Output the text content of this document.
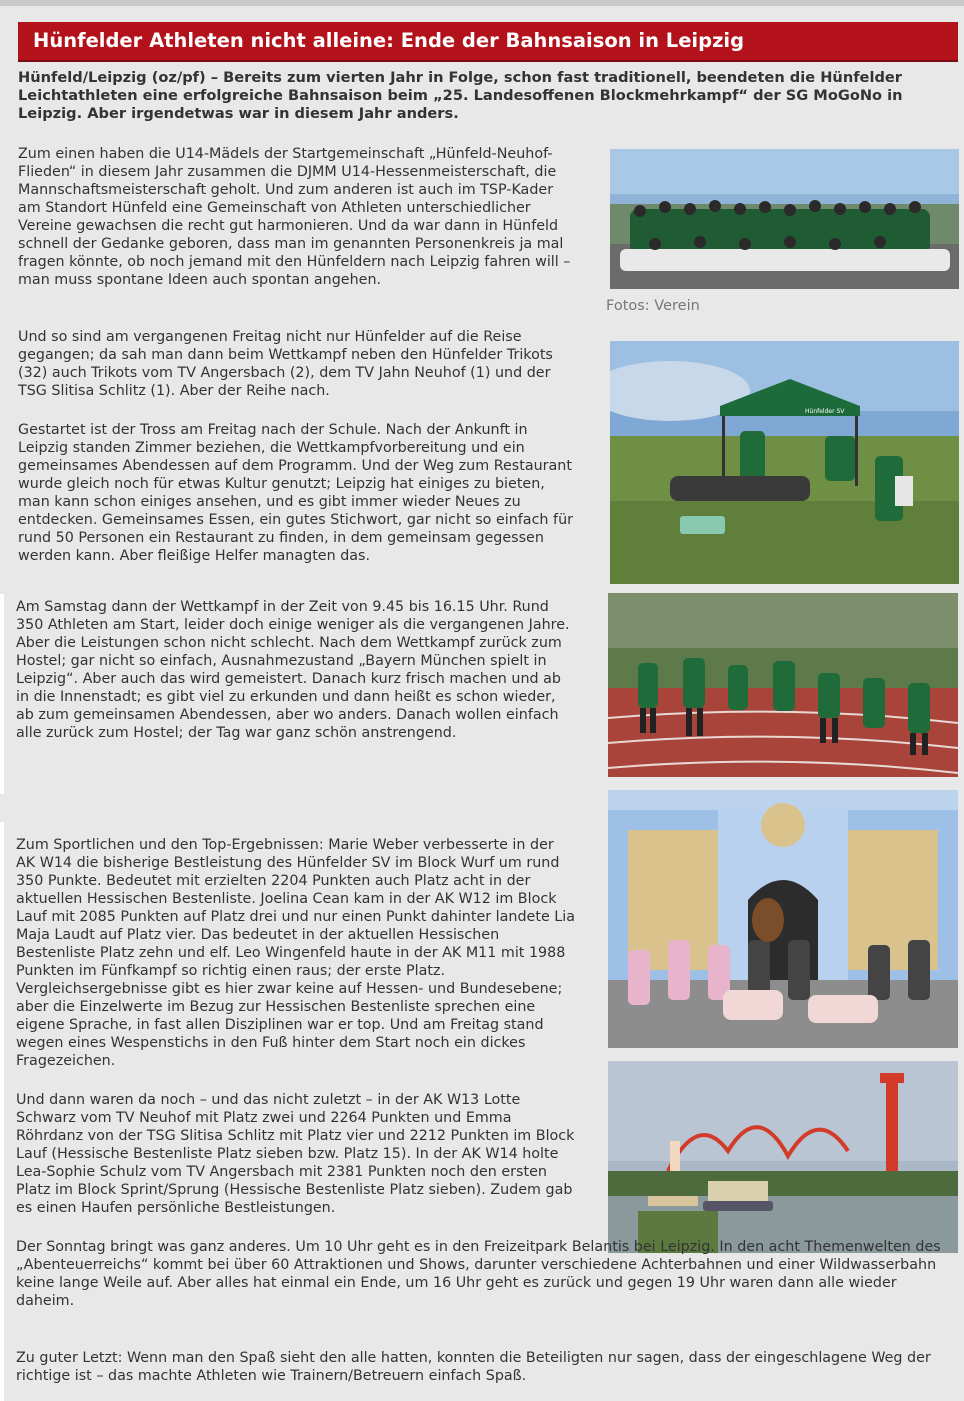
Hünfelder Athleten nicht alleine: Ende der Bahnsaison in Leipzig

Hünfeld/Leipzig (oz/pf) – Bereits zum vierten Jahr in Folge, schon fast traditionell, beendeten die Hünfelder Leichtathleten eine erfolgreiche Bahnsaison beim „25. Landesoffenen Blockmehrkampf“ der SG MoGoNo in Leipzig. Aber irgendetwas war in diesem Jahr anders.

Zum einen haben die U14-Mädels der Startgemeinschaft „Hünfeld-Neuhof-Flieden“ in diesem Jahr zusammen die DJMM U14-Hessenmeisterschaft, die Mannschaftsmeisterschaft geholt. Und zum anderen ist auch im TSP-Kader am Standort Hünfeld eine Gemeinschaft von Athleten unterschiedlicher Vereine gewachsen die recht gut harmonieren. Und da war dann in Hünfeld schnell der Gedanke geboren, dass man im genannten Personenkreis ja mal fragen könnte, ob noch jemand mit den Hünfeldern nach Leipzig fahren will – man muss spontane Ideen auch spontan angehen.

Fotos: Verein

Und so sind am vergangenen Freitag nicht nur Hünfelder auf die Reise gegangen; da sah man dann beim Wettkampf neben den Hünfelder Trikots (32) auch Trikots vom TV Angersbach (2), dem TV Jahn Neuhof (1) und der TSG Slitisa Schlitz (1). Aber der Reihe nach.

Hünfelder SV

Gestartet ist der Tross am Freitag nach der Schule. Nach der Ankunft in Leipzig standen Zimmer beziehen, die Wettkampfvorbereitung und ein gemeinsames Abendessen auf dem Programm. Und der Weg zum Restaurant wurde gleich noch für etwas Kultur genutzt; Leipzig hat einiges zu bieten, man kann schon einiges ansehen, und es gibt immer wieder Neues zu entdecken. Gemeinsames Essen, ein gutes Stichwort, gar nicht so einfach für rund 50 Personen ein Restaurant zu finden, in dem gemeinsam gegessen werden kann. Aber fleißige Helfer managten das.

Am Samstag dann der Wettkampf in der Zeit von 9.45 bis 16.15 Uhr. Rund 350 Athleten am Start, leider doch einige weniger als die vergangenen Jahre. Aber die Leistungen schon nicht schlecht. Nach dem Wettkampf zurück zum Hostel; gar nicht so einfach, Ausnahmezustand „Bayern München spielt in Leipzig“. Aber auch das wird gemeistert. Danach kurz frisch machen und ab in die Innenstadt; es gibt viel zu erkunden und dann heißt es schon wieder, ab zum gemeinsamen Abendessen, aber wo anders. Danach wollen einfach alle zurück zum Hostel; der Tag war ganz schön anstrengend.

Zum Sportlichen und den Top-Ergebnissen: Marie Weber verbesserte in der AK W14 die bisherige Bestleistung des Hünfelder SV im Block Wurf um rund 350 Punkte. Bedeutet mit erzielten 2204 Punkten auch Platz acht in der aktuellen Hessischen Bestenliste. Joelina Cean kam in der AK W12 im Block Lauf mit 2085 Punkten auf Platz drei und nur einen Punkt dahinter landete Lia Maja Laudt auf Platz vier. Das bedeutet in der aktuellen Hessischen Bestenliste Platz zehn und elf. Leo Wingenfeld haute in der AK M11 mit 1988 Punkten im Fünfkampf so richtig einen raus; der erste Platz. Vergleichsergebnisse gibt es hier zwar keine auf Hessen- und Bundesebene; aber die Einzelwerte im Bezug zur Hessischen Bestenliste sprechen eine eigene Sprache, in fast allen Disziplinen war er top. Und am Freitag stand wegen eines Wespenstichs in den Fuß hinter dem Start noch ein dickes Fragezeichen.

Und dann waren da noch – und das nicht zuletzt – in der AK W13 Lotte Schwarz vom TV Neuhof mit Platz zwei und 2264 Punkten und Emma Röhrdanz von der TSG Slitisa Schlitz mit Platz vier und 2212 Punkten im Block Lauf (Hessische Bestenliste Platz sieben bzw. Platz 15). In der AK W14 holte Lea-Sophie Schulz vom TV Angersbach mit 2381 Punkten noch den ersten Platz im Block Sprint/Sprung (Hessische Bestenliste Platz sieben). Zudem gab es einen Haufen persönliche Bestleistungen.

Der Sonntag bringt was ganz anderes. Um 10 Uhr geht es in den Freizeitpark Belantis bei Leipzig. In den acht Themenwelten des „Abenteuerreichs“ kommt bei über 60 Attraktionen und Shows, darunter verschiedene Achterbahnen und einer Wildwasserbahn keine lange Weile auf. Aber alles hat einmal ein Ende, um 16 Uhr geht es zurück und gegen 19 Uhr waren dann alle wieder daheim.

Zu guter Letzt: Wenn man den Spaß sieht den alle hatten, konnten die Beteiligten nur sagen, dass der eingeschlagene Weg der richtige ist – das machte Athleten wie Trainern/Betreuern einfach Spaß.
